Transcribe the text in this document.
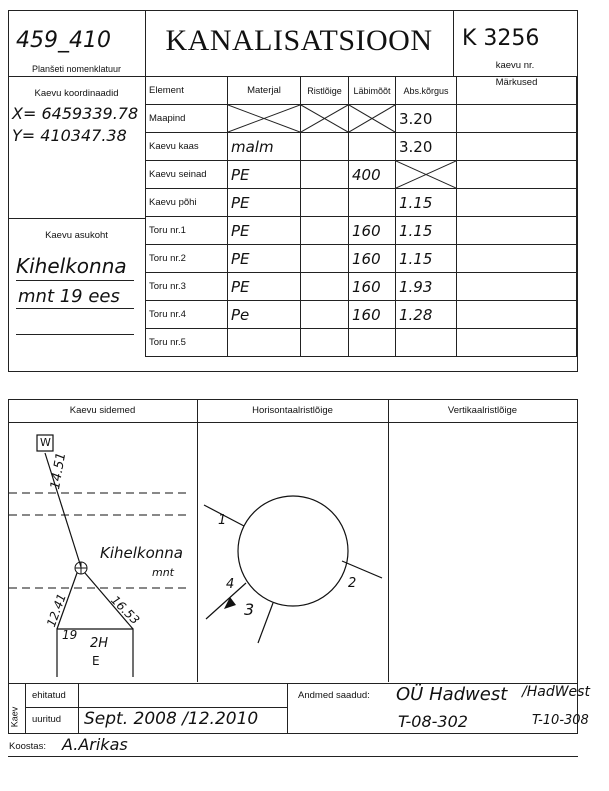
459_410
Planšeti nomenklatuur
Kaevu koordinaadid
X= 6459339.78
Y= 410347.38
Kaevu asukoht
Kihelkonna
mnt 19 ees
KANALISATSIOON	K 3256
kaevu nr.
Element	Materjal	Ristlõige	Läbimõõt	Abs.kõrgus	Märkused
Maapind				3.20	
Kaevu kaas	malm			3.20	
Kaevu seinad	PE		400	

Kaevu põhi	PE			1.15	
Toru nr.1	PE		160	1.15	
Toru nr.2	PE		160	1.15	
Toru nr.3	PE		160	1.93	
Toru nr.4	Pe		160	1.28	
Toru nr.5					
Kaevu sidemed	Horisontaalristlõige	Vertikaalristlõige
W
14.51
Kihelkonna
mnt
12.41	16.53
19
2H
E
1
2
3
4
Kaev
ehitatud
uuritud Sept. 2008 /12.2010
Andmed saadud: OÜ Hadwest /HadWest
T-08-302	T-10-308
Koostas: A.Arikas
